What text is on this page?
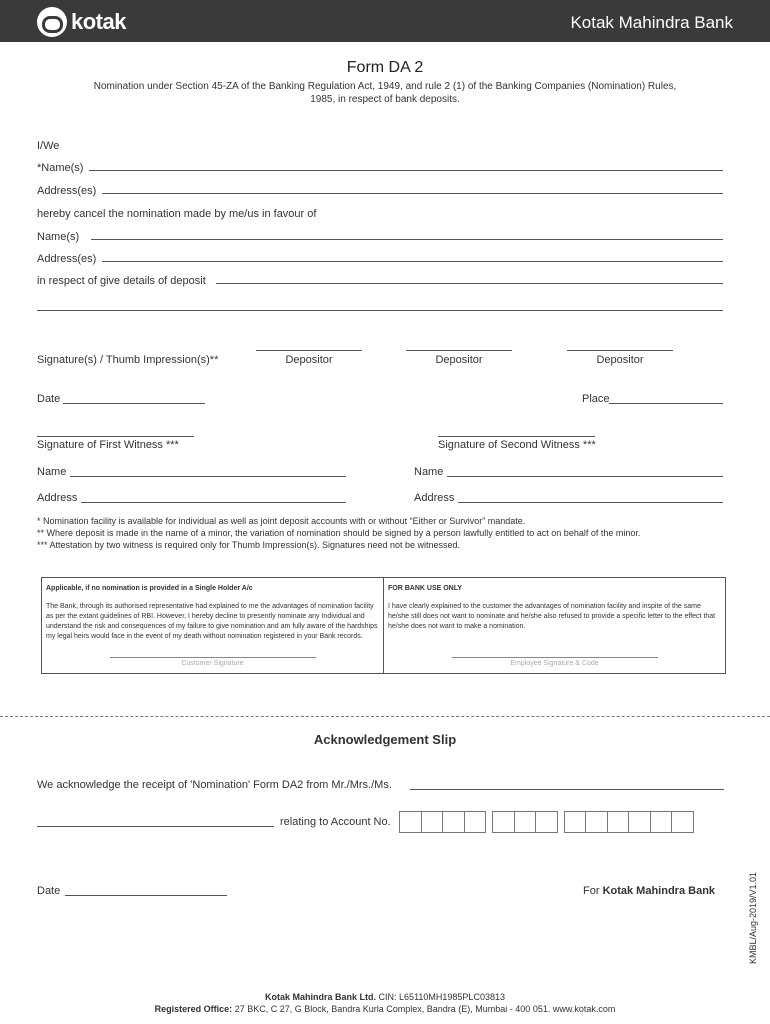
kotak	Kotak Mahindra Bank
Form DA 2
Nomination under Section 45-ZA of the Banking Regulation Act, 1949, and rule 2 (1) of the Banking Companies (Nomination) Rules, 1985, in respect of bank deposits.
I/We
*Name(s)
Address(es)
hereby cancel the nomination made by me/us in favour of
Name(s)
Address(es)
in respect of give details of deposit
Signature(s) / Thumb Impression(s)**	Depositor	Depositor	Depositor
Date	Place
Signature of First Witness ***	Signature of Second Witness ***
Name	Name
Address	Address
* Nomination facility is available for individual as well as joint deposit accounts with or without “Either or Survivor” mandate.
** Where deposit is made in the name of a minor, the variation of nomination should be signed by a person lawfully entitled to act on behalf of the minor.
*** Attestation by two witness is required only for Thumb Impression(s). Signatures need not be witnessed.
Applicable, if no nomination is provided in a Single Holder A/c
The Bank, through its authorised representative had explained to me the advantages of nomination facility as per the extant guidelines of RBI. However, I hereby decline to presently nominate any Individual and understand the risk and consequences of my failure to give nomination and am fully aware of the hardships my legal heirs would face in the event of my death without nomination registered in your Bank records.
Customer Signature
FOR BANK USE ONLY
I have clearly explained to the customer the advantages of nomination facility and inspite of the same he/she still does not want to nominate and he/she also refused to provide a specific letter to the effect that he/she does not want to make a nomination.
Employee Signature & Code
Acknowledgement Slip
We acknowledge the receipt of 'Nomination' Form DA2 from Mr./Mrs./Ms.
relating to Account No.
Date	For Kotak Mahindra Bank	KMBL/Aug-2019/V1.01
Kotak Mahindra Bank Ltd. CIN: L65110MH1985PLC03813
Registered Office: 27 BKC, C 27, G Block, Bandra Kurla Complex, Bandra (E), Mumbai - 400 051. www.kotak.com
